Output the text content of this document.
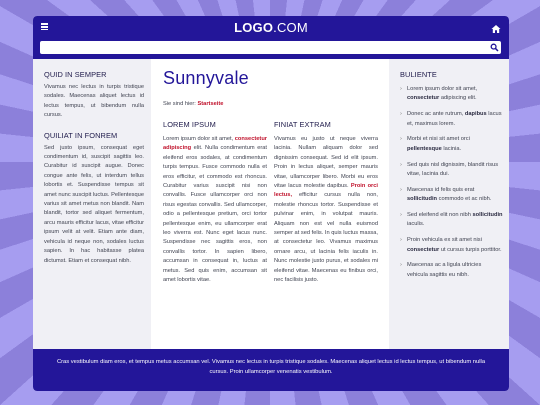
LOGO.COM
QUID IN SEMPER

Vivamus nec lectus in turpis tristique sodales. Maecenas aliquet lectus id lectus tempus, ut bibendum nulla cursus.

QUILIAT IN FONREM

Sed justo ipsum, consequat eget condimentum id, suscipit sagittis leo. Curabitur id suscipit augue. Donec congue ante felis, ut interdum tellus lobortis et. Suspendisse tempus sit amet nunc suscipit luctus. Pellentesque varius sit amet metus non blandit. Nam blandit, tortor sed aliquet fermentum, arcu mauris efficitur lacus, vitae efficitur ipsum velit at velit. Etiam ante diam, vehicula id neque non, sodales luctus sapien. In hac habitasse platea dictumst. Etiam et consequat nibh.

Sunnyvale
Sie sind hier: Startseite
LOREM IPSUM

Lorem ipsum dolor sit amet, consectetur adipiscing elit. Nulla condimentum erat eleifend eros sodales, at condimentum turpis tempus. Fusce commodo nulla et eros efficitur, et commodo est rhoncus. Curabitur varius suscipit nisi non convallis. Fusce ullamcorper orci non risus egestas convallis. Sed ullamcorper, odio a pellentesque pretium, orci tortor pellentesque enim, eu ullamcorper erat leo viverra est. Nunc eget lacus nunc. Suspendisse nec sagittis eros, non convallis tortor. In sapien libero, accumsan in consequat in, luctus at metus. Sed quis enim, accumsan sit amet lobortis vitae.

FINIAT EXTRAM

Vivamus eu justo ut neque viverra lacinia. Nullam aliquam dolor sed dignissim consequat. Sed id elit ipsum. Proin in lectus aliquet, semper mauris vitae, ullamcorper libero. Morbi eu eros vitae lacus molestie dapibus. Proin orci lectus, efficitur cursus nulla non, molestie rhoncus tortor. Suspendisse et pulvinar enim, in volutpat mauris. Aliquam non est vel nulla euismod semper at sed felis. In quis luctus massa, at consectetur leo. Vivamus maximus ornare arcu, ut lacinia felis iaculis in. Nunc molestie justo purus, et sodales mi eleifend vitae. Maecenas eu finibus orci, nec facilisis justo.

BULIENTE
› Lorem ipsum dolor sit amet, consectetur adipiscing elit.
› Donec ac ante rutrum, dapibus lacus et, maximus lorem.
› Morbi et nisi sit amet orci pellentesque lacinia.
› Sed quis nisl dignissim, blandit risus vitae, lacinia dui.
› Maecenas id felis quis erat sollicitudin commodo et ac nibh.
› Sed eleifend elit non nibh sollicitudin iaculis.
› Proin vehicula ex sit amet nisi consectetur ut cursus turpis porttitor.
› Maecenas ac a ligula ultricies vehicula sagittis eu nibh.
Cras vestibulum diam eros, et tempus metus accumsan vel. Vivamus nec lectus in turpis tristique sodales. Maecenas aliquet lectus id lectus tempus, ut bibendum nulla cursus. Proin ullamcorper venenatis vestibulum.
